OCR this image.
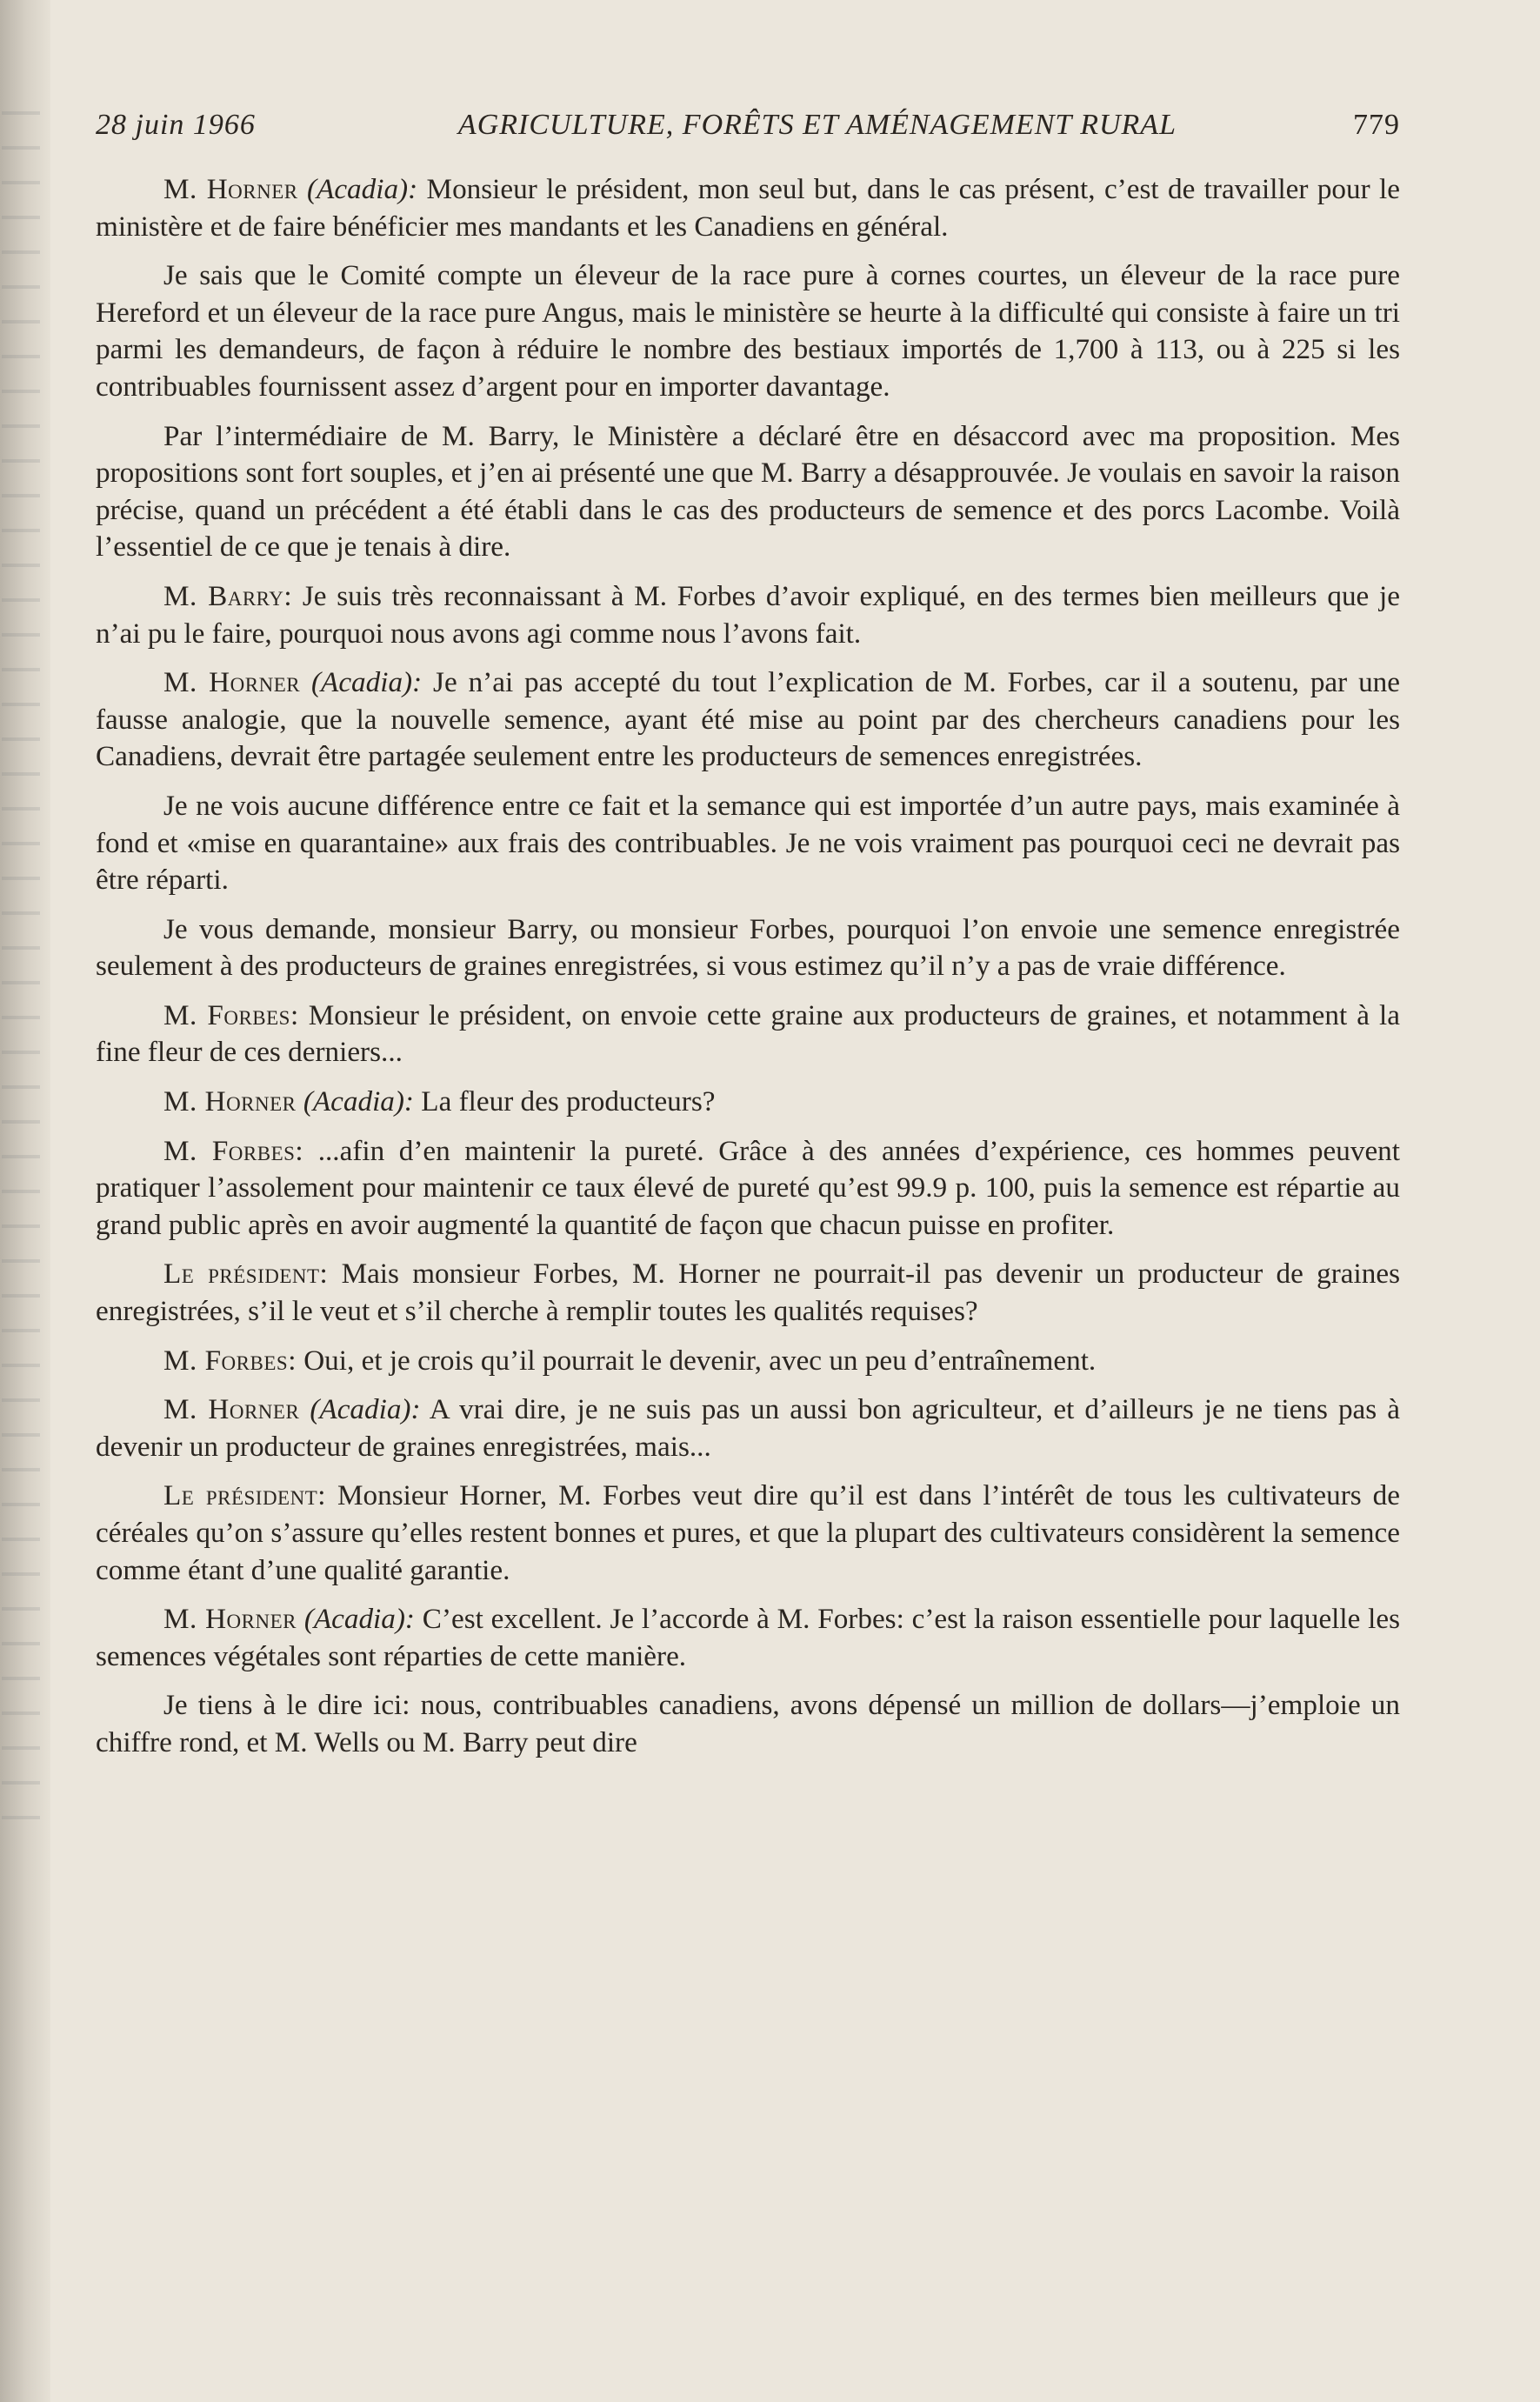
28 juin 1966	AGRICULTURE, FORÊTS ET AMÉNAGEMENT RURAL	779

M. Horner (Acadia): Monsieur le président, mon seul but, dans le cas présent, c’est de travailler pour le ministère et de faire bénéficier mes mandants et les Canadiens en général.

Je sais que le Comité compte un éleveur de la race pure à cornes courtes, un éleveur de la race pure Hereford et un éleveur de la race pure Angus, mais le ministère se heurte à la difficulté qui consiste à faire un tri parmi les demandeurs, de façon à réduire le nombre des bestiaux importés de 1,700 à 113, ou à 225 si les contribuables fournissent assez d’argent pour en importer davantage.

Par l’intermédiaire de M. Barry, le Ministère a déclaré être en désaccord avec ma proposition. Mes propositions sont fort souples, et j’en ai présenté une que M. Barry a désapprouvée. Je voulais en savoir la raison précise, quand un précédent a été établi dans le cas des producteurs de semence et des porcs Lacombe. Voilà l’essentiel de ce que je tenais à dire.

M. Barry: Je suis très reconnaissant à M. Forbes d’avoir expliqué, en des termes bien meilleurs que je n’ai pu le faire, pourquoi nous avons agi comme nous l’avons fait.

M. Horner (Acadia): Je n’ai pas accepté du tout l’explication de M. Forbes, car il a soutenu, par une fausse analogie, que la nouvelle semence, ayant été mise au point par des chercheurs canadiens pour les Canadiens, devrait être partagée seulement entre les producteurs de semences enregistrées.

Je ne vois aucune différence entre ce fait et la semance qui est importée d’un autre pays, mais examinée à fond et «mise en quarantaine» aux frais des contribuables. Je ne vois vraiment pas pourquoi ceci ne devrait pas être réparti.

Je vous demande, monsieur Barry, ou monsieur Forbes, pourquoi l’on envoie une semence enregistrée seulement à des producteurs de graines enregistrées, si vous estimez qu’il n’y a pas de vraie différence.

M. Forbes: Monsieur le président, on envoie cette graine aux producteurs de graines, et notamment à la fine fleur de ces derniers...

M. Horner (Acadia): La fleur des producteurs?

M. Forbes: ...afin d’en maintenir la pureté. Grâce à des années d’expérience, ces hommes peuvent pratiquer l’assolement pour maintenir ce taux élevé de pureté qu’est 99.9 p. 100, puis la semence est répartie au grand public après en avoir augmenté la quantité de façon que chacun puisse en profiter.

Le président: Mais monsieur Forbes, M. Horner ne pourrait-il pas devenir un producteur de graines enregistrées, s’il le veut et s’il cherche à remplir toutes les qualités requises?

M. Forbes: Oui, et je crois qu’il pourrait le devenir, avec un peu d’entraînement.

M. Horner (Acadia): A vrai dire, je ne suis pas un aussi bon agriculteur, et d’ailleurs je ne tiens pas à devenir un producteur de graines enregistrées, mais...

Le président: Monsieur Horner, M. Forbes veut dire qu’il est dans l’intérêt de tous les cultivateurs de céréales qu’on s’assure qu’elles restent bonnes et pures, et que la plupart des cultivateurs considèrent la semence comme étant d’une qualité garantie.

M. Horner (Acadia): C’est excellent. Je l’accorde à M. Forbes: c’est la raison essentielle pour laquelle les semences végétales sont réparties de cette manière.

Je tiens à le dire ici: nous, contribuables canadiens, avons dépensé un million de dollars—j’emploie un chiffre rond, et M. Wells ou M. Barry peut dire
